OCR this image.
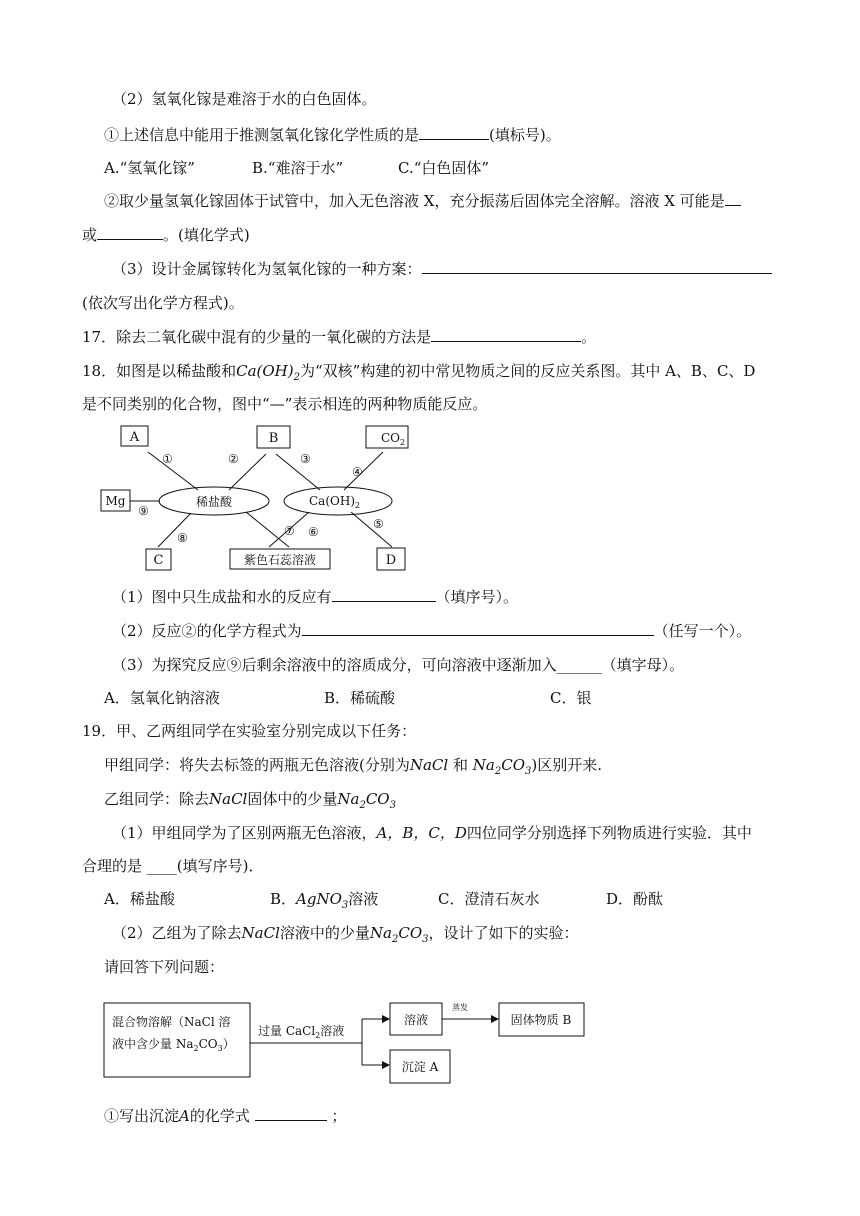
（2）氢氧化镓是难溶于水的白色固体。
①上述信息中能用于推测氢氧化镓化学性质的是	(填标号)。
A.“氢氧化镓”	B.“难溶于水”	C.“白色固体”
②取少量氢氧化镓固体于试管中，加入无色溶液 X，充分振荡后固体完全溶解。溶液 X 可能是
或	。(填化学式)
（3）设计金属镓转化为氢氧化镓的一种方案：
(依次写出化学方程式)。
17．除去二氧化碳中混有的少量的一氧化碳的方法是	。
18．如图是以稀盐酸和$Ca(OH)_2$为“双核”构建的初中常见物质之间的反应关系图。其中 A、B、C、D
是不同类别的化合物，图中“—”表示相连的两种物质能反应。
A	B	$CO_2$
Mg
C	紫色石蕊溶液	D
稀盐酸	$Ca(OH)_2$
①	②	③
④
⑤
⑥
⑦
⑧
⑨
（1）图中只生成盐和水的反应有	（填序号）。
（2）反应②的化学方程式为	（任写一个）。
（3）为探究反应⑨后剩余溶液中的溶质成分，可向溶液中逐渐加入______（填字母）。
A．氢氧化钠溶液	B．稀硫酸	C．银
19．甲、乙两组同学在实验室分别完成以下任务：
甲组同学：将失去标签的两瓶无色溶液(分别为NaCl 和 $Na_2CO_3$)区别开来.
乙组同学：除去NaCl固体中的少量$Na_2CO_3$
（1）甲组同学为了区别两瓶无色溶液，A，B，C，D四位同学分别选择下列物质进行实验．其中
合理的是 ____(填写序号)．
A．稀盐酸	B．AgNO$_3$溶液	C．澄清石灰水	D．酚酞
（2）乙组为了除去NaCl溶液中的少量$Na_2CO_3$，设计了如下的实验：
请回答下列问题：
混合物溶解（NaCl 溶
液中含少量 $Na_2CO_3$）
过量 CaCl$_2$溶液
溶液
蒸发
固体物质 B
沉淀 A
①写出沉淀A的化学式	；
